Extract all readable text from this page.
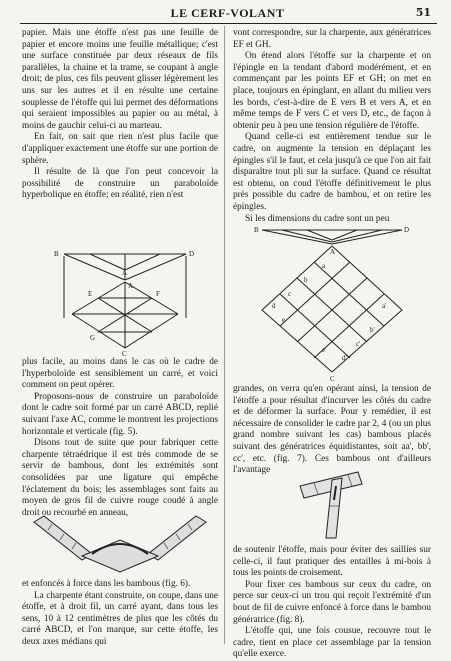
LE CERF-VOLANT	51

papier. Mais une étoffe n'est pas une feuille de papier et encore moins une feuille métallique; c'est une surface constituée par deux réseaux de fils parallèles, la chaine et la trame, se coupant à angle droit; de plus, ces fils peuvent glisser légèrement les uns sur les autres et il en résulte une certaine souplesse de l'étoffe qui lui permet des déformations qui seraient impossibles au papier ou au métal, à moins de gauchir celui-ci au marteau.

En fait, on sait que rien n'est plus facile que d'appliquer exactement une étoffe sur une portion de sphère.

Il résulte de là que l'on peut concevoir la possibilité de construire un paraboloïde hyperbolique en étoffe; en réalité, rien n'est

B	D
A
A
E	F
G
C

plus facile, au moins dans le cas où le cadre de l'hyperboloïde est sensiblement un carré, et voici comment on peut opérer.

Proposons-nous de construire un paraboloïde dont le cadre soit formé par un carré ABCD, replié suivant l'axe AC, comme le montrent les projections horizontale et verticale (fig. 5).

Disons tout de suite que pour fabriquer cette charpente tétraédrique il est très commode de se servir de bambous, dont les extrémités sont consolidées par une ligature qui empêche l'éclatement du bois; les assemblages sont faits au moyen de gros fil de cuivre rouge coudé à angle droit ou recourbé en anneau,

et enfoncés à force dans les bambous (fig. 6).

La charpente étant construite, on coupe, dans une étoffe, et à droit fil, un carré ayant, dans tous les sens, 10 à 12 centimètres de plus que les côtés du carré ABCD, et l'on marque, sur cette étoffe, les deux axes médians qui

vont correspondre, sur la charpente, aux génératrices EF et GH.

On étend alors l'étoffe sur la charpente et on l'épingle en la tendant d'abord modérément, et en commençant par les points EF et GH; on met en place, toujours en épinglant, en allant du milieu vers les bords, c'est-à-dire de E vers B et vers A, et en même temps de F vers C et vers D, etc., de façon à obtenir peu à peu une tension régulière de l'étoffe.

Quand celle-ci est entièrement tendue sur le cadre, on augmente la tension en déplaçant les épingles s'il le faut, et cela jusqu'à ce que l'on ait fait disparaître tout pli sur la surface. Quand ce résultat est obtenu, on coud l'étoffe définitivement le plus près possible du cadre de bambou, et on retire les épingles.

Si les dimensions du cadre sont un peu

B	D
A
a
b
c
d
e
a'
b'
c'
d'
e'
C

grandes, on verra qu'en opérant ainsi, la tension de l'étoffe a pour résultat d'incurver les côtés du cadre et de déformer la surface. Pour y remédier, il est nécessaire de consolider le cadre par 2, 4 (ou un plus grand nombre suivant les cas) bambous placés suivant des génératrices équidistantes, soit aa', bb', cc', etc. (fig. 7). Ces bambous ont d'ailleurs l'avantage

de soutenir l'étoffe, mais pour éviter des saillies sur celle-ci, il faut pratiquer des entailles à mi-bois à tous les points de croisement.

Pour fixer ces bambous sur ceux du cadre, on perce sur ceux-ci un trou qui reçoit l'extrémité d'un bout de fil de cuivre enfoncé à force dans le bambou génératrice (fig. 8).

L'étoffe qui, une fois cousue, recouvre tout le cadre, tient en place cet assemblage par la tension qu'elle exerce.
